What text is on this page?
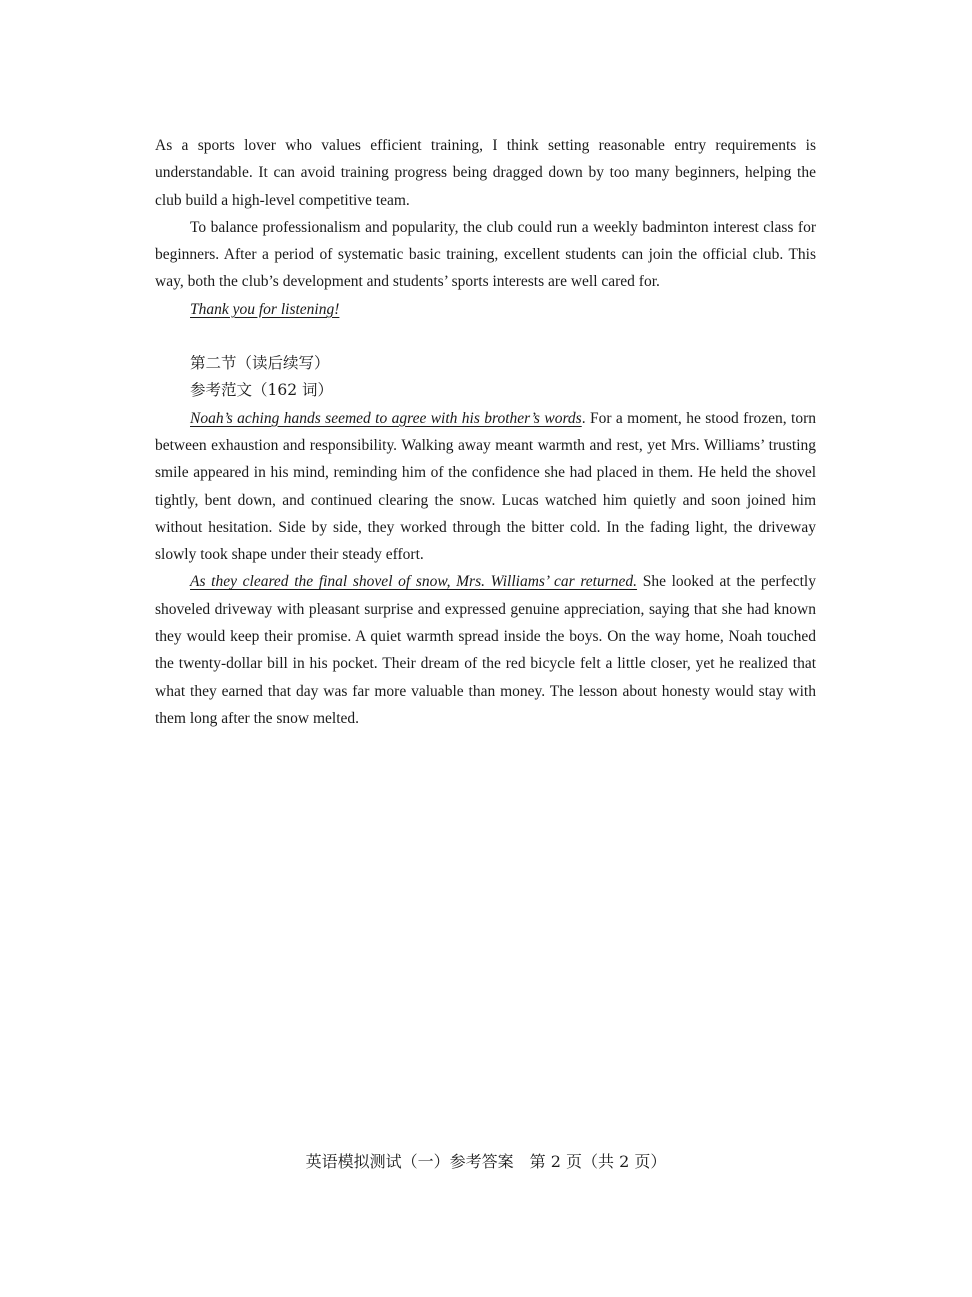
As a sports lover who values efficient training, I think setting reasonable entry requirements is understandable. It can avoid training progress being dragged down by too many beginners, helping the club build a high-level competitive team.

To balance professionalism and popularity, the club could run a weekly badminton interest class for beginners. After a period of systematic basic training, excellent students can join the official club. This way, both the club’s development and students’ sports interests are well cared for.

Thank you for listening!

第二节（读后续写）

参考范文（162 词）

Noah’s aching hands seemed to agree with his brother’s words. For a moment, he stood frozen, torn between exhaustion and responsibility. Walking away meant warmth and rest, yet Mrs. Williams’ trusting smile appeared in his mind, reminding him of the confidence she had placed in them. He held the shovel tightly, bent down, and continued clearing the snow. Lucas watched him quietly and soon joined him without hesitation. Side by side, they worked through the bitter cold. In the fading light, the driveway slowly took shape under their steady effort.

As they cleared the final shovel of snow, Mrs. Williams’ car returned. She looked at the perfectly shoveled driveway with pleasant surprise and expressed genuine appreciation, saying that she had known they would keep their promise. A quiet warmth spread inside the boys. On the way home, Noah touched the twenty-dollar bill in his pocket. Their dream of the red bicycle felt a little closer, yet he realized that what they earned that day was far more valuable than money. The lesson about honesty would stay with them long after the snow melted.

英语模拟测试（一）参考答案　第 2 页（共 2 页）
